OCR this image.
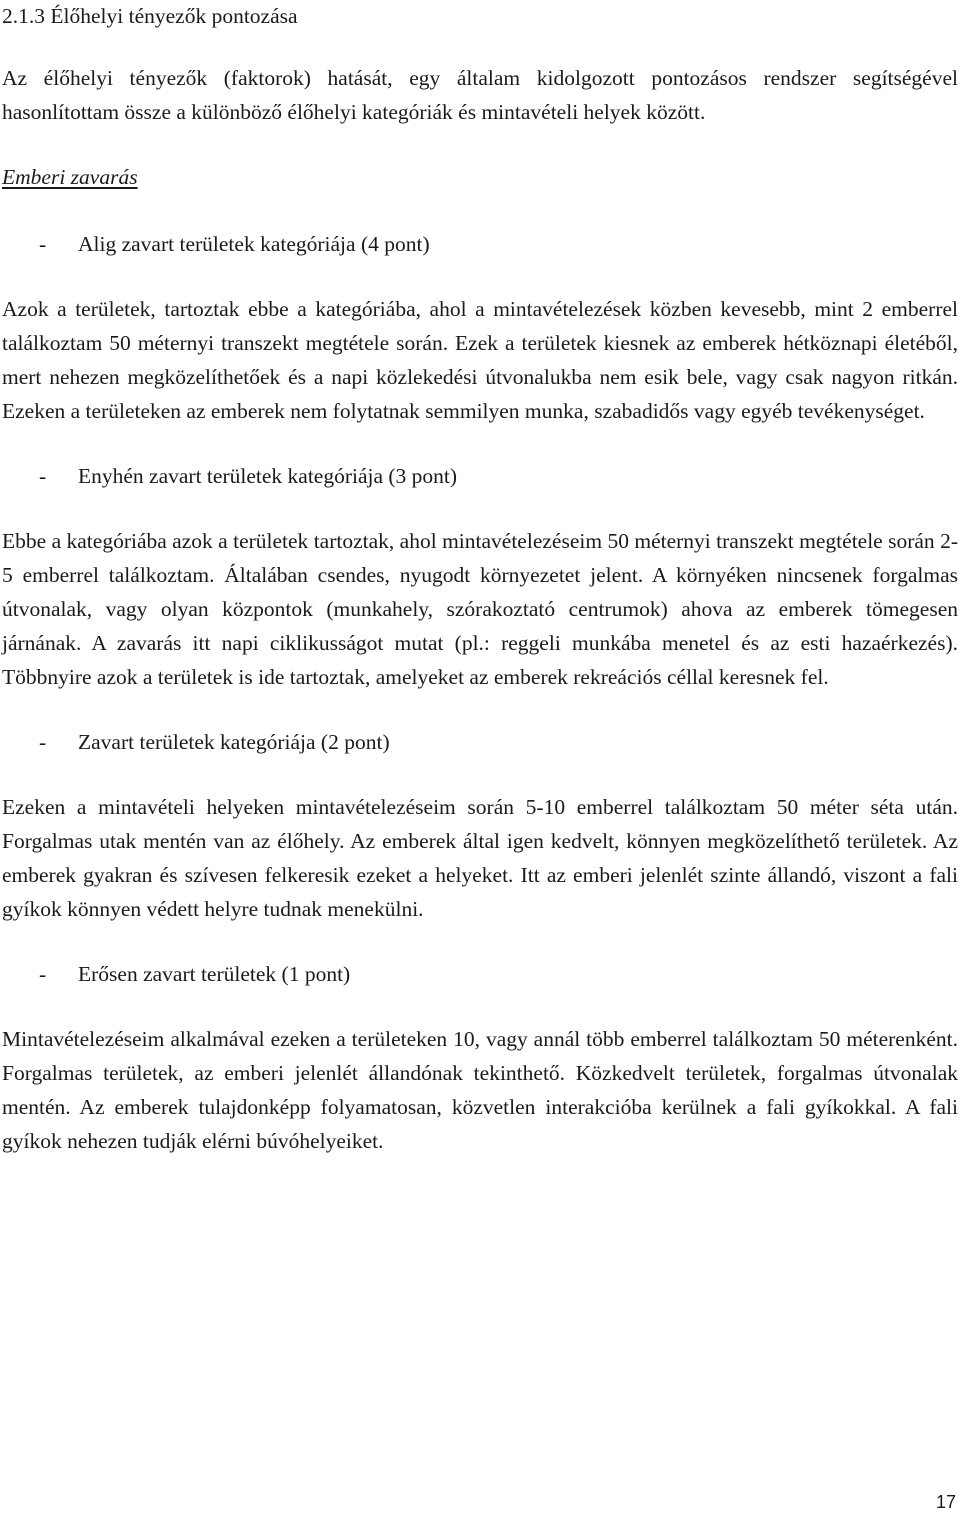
2.1.3 Élőhelyi tényezők pontozása

Az élőhelyi tényezők (faktorok) hatását, egy általam kidolgozott pontozásos rendszer segítségével hasonlítottam össze a különböző élőhelyi kategóriák és mintavételi helyek között.

Emberi zavarás

- Alig zavart területek kategóriája (4 pont)

Azok a területek, tartoztak ebbe a kategóriába, ahol a mintavételezések közben kevesebb, mint 2 emberrel találkoztam 50 méternyi transzekt megtétele során. Ezek a területek kiesnek az emberek hétköznapi életéből, mert nehezen megközelíthetőek és a napi közlekedési útvonalukba nem esik bele, vagy csak nagyon ritkán. Ezeken a területeken az emberek nem folytatnak semmilyen munka, szabadidős vagy egyéb tevékenységet.

- Enyhén zavart területek kategóriája (3 pont)

Ebbe a kategóriába azok a területek tartoztak, ahol mintavételezéseim 50 méternyi transzekt megtétele során 2-5 emberrel találkoztam. Általában csendes, nyugodt környezetet jelent. A környéken nincsenek forgalmas útvonalak, vagy olyan központok (munkahely, szórakoztató centrumok) ahova az emberek tömegesen járnának. A zavarás itt napi ciklikusságot mutat (pl.: reggeli munkába menetel és az esti hazaérkezés). Többnyire azok a területek is ide tartoztak, amelyeket az emberek rekreációs céllal keresnek fel.

- Zavart területek kategóriája (2 pont)

Ezeken a mintavételi helyeken mintavételezéseim során 5-10 emberrel találkoztam 50 méter séta után. Forgalmas utak mentén van az élőhely. Az emberek által igen kedvelt, könnyen megközelíthető területek. Az emberek gyakran és szívesen felkeresik ezeket a helyeket. Itt az emberi jelenlét szinte állandó, viszont a fali gyíkok könnyen védett helyre tudnak menekülni.

- Erősen zavart területek (1 pont)

Mintavételezéseim alkalmával ezeken a területeken 10, vagy annál több emberrel találkoztam 50 méterenként. Forgalmas területek, az emberi jelenlét állandónak tekinthető. Közkedvelt területek, forgalmas útvonalak mentén. Az emberek tulajdonképp folyamatosan, közvetlen interakcióba kerülnek a fali gyíkokkal. A fali gyíkok nehezen tudják elérni búvóhelyeiket.

17
